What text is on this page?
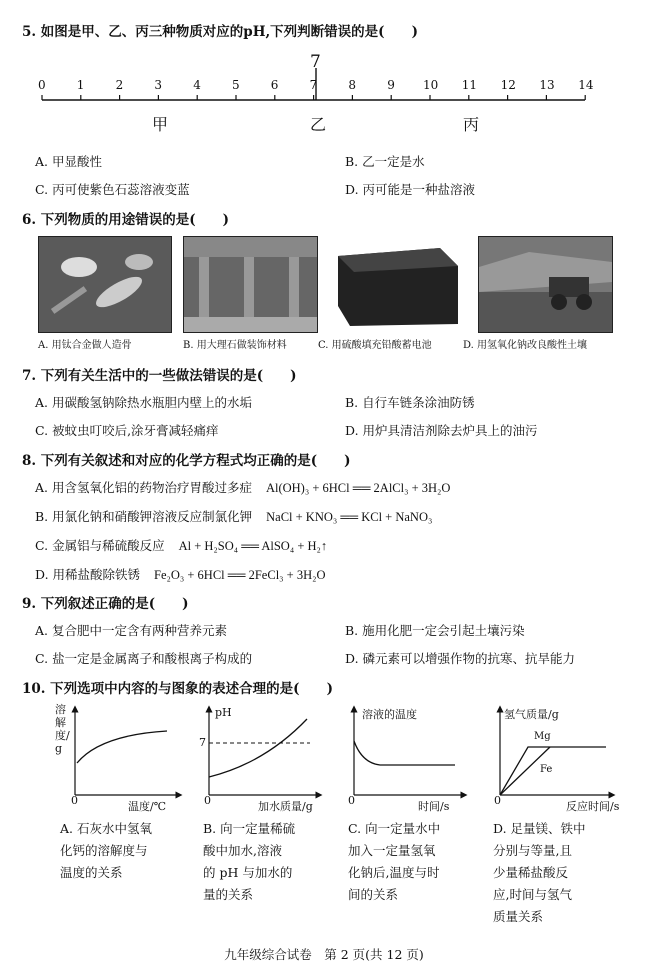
5. 如图是甲、乙、丙三种物质对应的pH,下列判断错误的是(　　)
7
0	1	2	3	4	5	6	7	8	9 10 11 12 13 14
甲	乙	丙
A. 甲显酸性	B. 乙一定是水
C. 丙可使紫色石蕊溶液变蓝	D. 丙可能是一种盐溶液
6. 下列物质的用途错误的是(　　)
A. 用钛合金做人造骨	B. 用大理石做装饰材料	C. 用硫酸填充铅酸蓄电池	D. 用氢氧化钠改良酸性土壤
7. 下列有关生活中的一些做法错误的是(　　)
A. 用碳酸氢钠除热水瓶胆内壁上的水垢	B. 自行车链条涂油防锈
C. 被蚊虫叮咬后,涂牙膏减轻痛痒	D. 用炉具清洁剂除去炉具上的油污
8. 下列有关叙述和对应的化学方程式均正确的是(　　)
A. 用含氢氧化铝的药物治疗胃酸过多症 Al(OH)₃ + 6HCl ══ 2AlCl₃ + 3H₂O
B. 用氯化钠和硝酸钾溶液反应制氯化钾 NaCl + KNO₃ ══ KCl + NaNO₃
C. 金属铝与稀硫酸反应 Al + H₂SO₄ ══ AlSO₄ + H₂↑
D. 用稀盐酸除铁锈 Fe₂O₃ + 6HCl ══ 2FeCl₃ + 3H₂O
9. 下列叙述正确的是(　　)
A. 复合肥中一定含有两种营养元素	B. 施用化肥一定会引起土壤污染
C. 盐一定是金属离子和酸根离子构成的	D. 磷元素可以增强作物的抗寒、抗旱能力
10. 下列选项中内容的与图象的表述合理的是(　　)
溶解度/g
0	温度/℃
pH
7
0	加水质量/g
溶液的温度
0	时间/s
氢气质量/g
Mg
Fe
0	反应时间/s
A. 石灰水中氢氧
化钙的溶解度与
温度的关系
B. 向一定量稀硫
酸中加水,溶液
的 pH 与加水的
量的关系
C. 向一定量水中
加入一定量氢氧
化钠后,温度与时
间的关系
D. 足量镁、铁中
分别与等量,且
少量稀盐酸反
应,时间与氢气
质量关系
九年级综合试卷　第 2 页(共 12 页)
